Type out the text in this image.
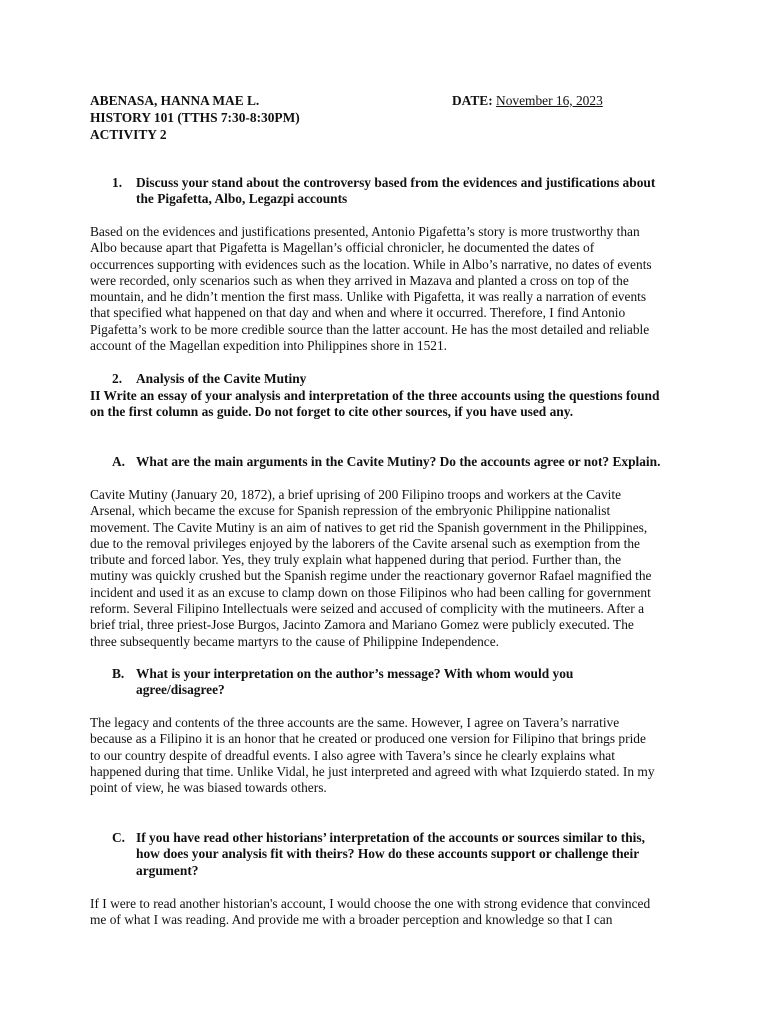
ABENASA, HANNA MAE L.	DATE: November 16, 2023
HISTORY 101 (TTHS 7:30-8:30PM)
ACTIVITY 2
1. Discuss your stand about the controversy based from the evidences and justifications about
the Pigafetta, Albo, Legazpi accounts
Based on the evidences and justifications presented, Antonio Pigafetta’s story is more trustworthy than
Albo because apart that Pigafetta is Magellan’s official chronicler, he documented the dates of
occurrences supporting with evidences such as the location. While in Albo’s narrative, no dates of events
were recorded, only scenarios such as when they arrived in Mazava and planted a cross on top of the
mountain, and he didn’t mention the first mass. Unlike with Pigafetta, it was really a narration of events
that specified what happened on that day and when and where it occurred. Therefore, I find Antonio
Pigafetta’s work to be more credible source than the latter account. He has the most detailed and reliable
account of the Magellan expedition into Philippines shore in 1521.
2. Analysis of the Cavite Mutiny
II Write an essay of your analysis and interpretation of the three accounts using the questions found
on the first column as guide. Do not forget to cite other sources, if you have used any.
A. What are the main arguments in the Cavite Mutiny? Do the accounts agree or not? Explain.
Cavite Mutiny (January 20, 1872), a brief uprising of 200 Filipino troops and workers at the Cavite
Arsenal, which became the excuse for Spanish repression of the embryonic Philippine nationalist
movement. The Cavite Mutiny is an aim of natives to get rid the Spanish government in the Philippines,
due to the removal privileges enjoyed by the laborers of the Cavite arsenal such as exemption from the
tribute and forced labor. Yes, they truly explain what happened during that period. Further than, the
mutiny was quickly crushed but the Spanish regime under the reactionary governor Rafael magnified the
incident and used it as an excuse to clamp down on those Filipinos who had been calling for government
reform. Several Filipino Intellectuals were seized and accused of complicity with the mutineers. After a
brief trial, three priest-Jose Burgos, Jacinto Zamora and Mariano Gomez were publicly executed. The
three subsequently became martyrs to the cause of Philippine Independence.
B. What is your interpretation on the author’s message? With whom would you
agree/disagree?
The legacy and contents of the three accounts are the same. However, I agree on Tavera’s narrative
because as a Filipino it is an honor that he created or produced one version for Filipino that brings pride
to our country despite of dreadful events. I also agree with Tavera’s since he clearly explains what
happened during that time. Unlike Vidal, he just interpreted and agreed with what Izquierdo stated. In my
point of view, he was biased towards others.
C. If you have read other historians’ interpretation of the accounts or sources similar to this,
how does your analysis fit with theirs? How do these accounts support or challenge their
argument?
If I were to read another historian's account, I would choose the one with strong evidence that convinced
me of what I was reading. And provide me with a broader perception and knowledge so that I can
